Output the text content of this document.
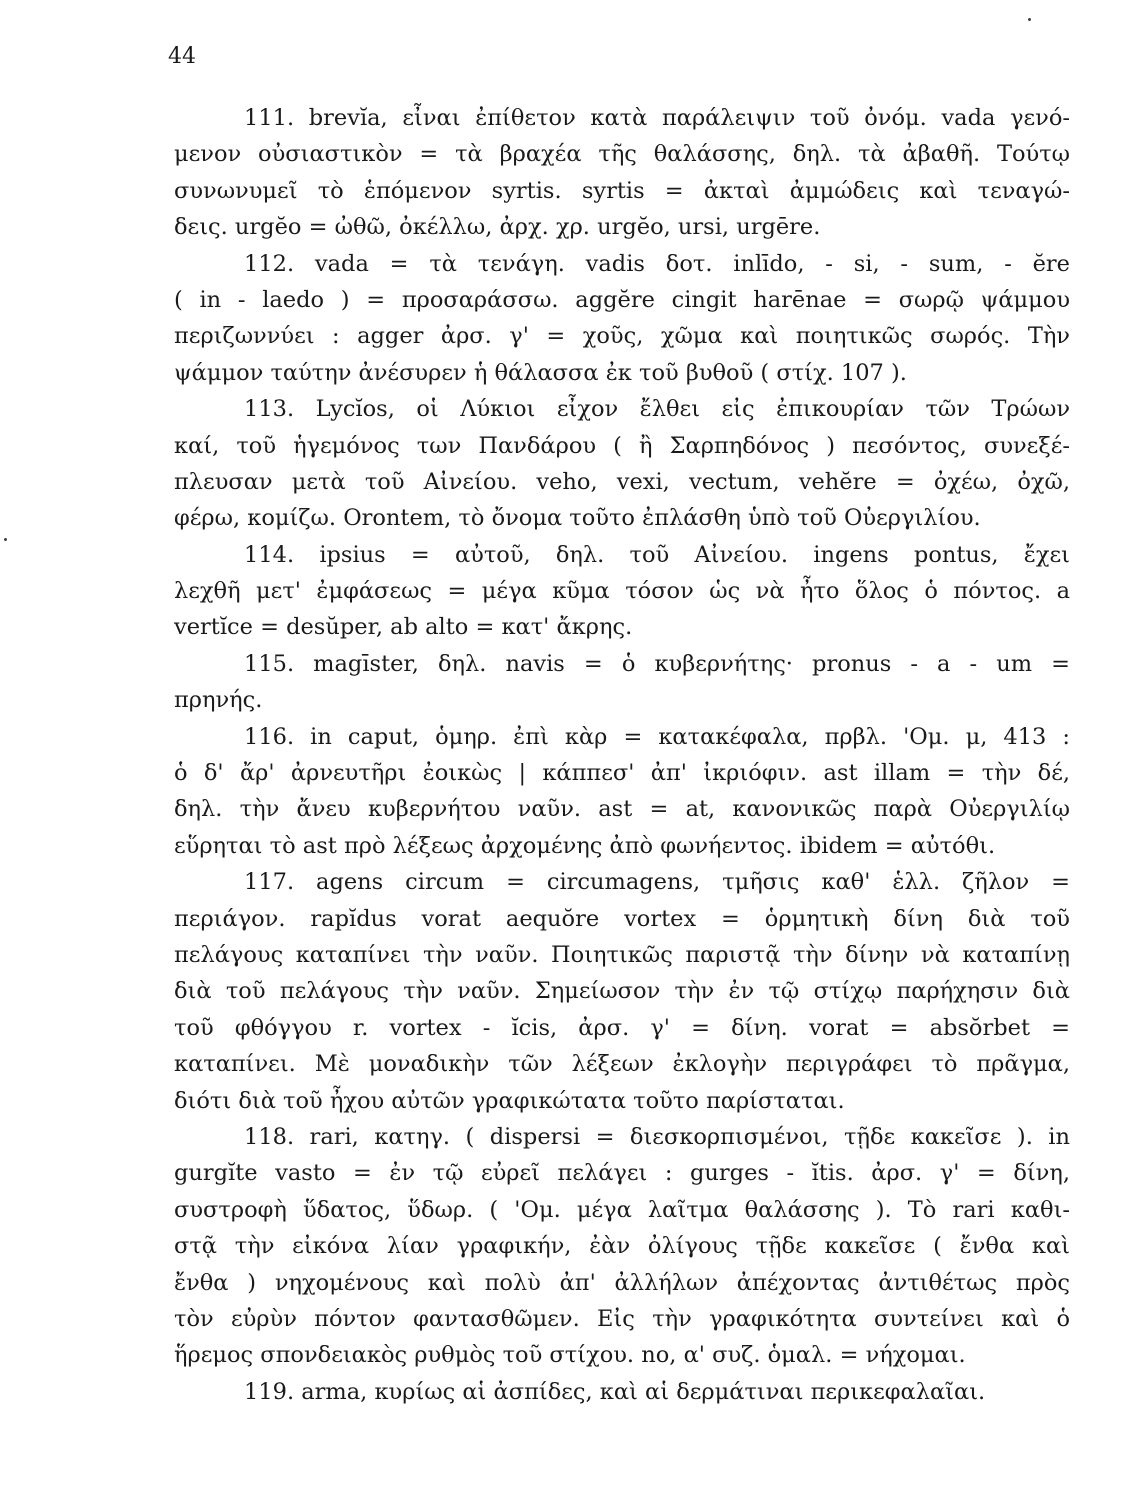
44
111. brevĭa, εἶναι ἐπίθετον κατὰ παράλειψιν τοῦ ὀνόμ. vada γενό-
μενον οὐσιαστικὸν = τὰ βραχέα τῆς θαλάσσης, δηλ. τὰ ἀβαθῆ. Τούτῳ
συνωνυμεῖ τὸ ἑπόμενον syrtis. syrtis = ἀκταὶ ἀμμώδεις καὶ τεναγώ-
δεις. urgĕo = ὠθῶ, ὀκέλλω, ἀρχ. χρ. urgĕo, ursi, urgēre.
112. vada = τὰ τενάγη. vadis δοτ. inlīdo, - si, - sum, - ĕre
( in - laedo ) = προσαράσσω. aggĕre cingit harēnae = σωρῷ ψάμμου
περιζωννύει : agger ἀρσ. γ' = χοῦς, χῶμα καὶ ποιητικῶς σωρός. Τὴν
ψάμμον ταύτην ἀνέσυρεν ἡ θάλασσα ἐκ τοῦ βυθοῦ ( στίχ. 107 ).
113. Lycĭos, οἱ Λύκιοι εἶχον ἔλθει εἰς ἐπικουρίαν τῶν Τρώων
καί, τοῦ ἡγεμόνος των Πανδάρου ( ἢ Σαρπηδόνος ) πεσόντος, συνεξέ-
πλευσαν μετὰ τοῦ Αἰνείου. veho, vexi, vectum, vehĕre = ὀχέω, ὀχῶ,
φέρω, κομίζω. Orontem, τὸ ὄνομα τοῦτο ἐπλάσθη ὑπὸ τοῦ Οὐεργιλίου.
114. ipsius = αὐτοῦ, δηλ. τοῦ Αἰνείου. ingens pontus, ἔχει
λεχθῆ μετ' ἐμφάσεως = μέγα κῦμα τόσον ὡς νὰ ἦτο ὅλος ὁ πόντος. a
vertĭce = desŭper, ab alto = κατ' ἄκρης.
115. magīster, δηλ. navis = ὁ κυβερνήτης· pronus - a - um =
πρηνής.
116. in caput, ὁμηρ. ἐπὶ κὰρ = κατακέφαλα, πρβλ. 'Ομ. μ, 413 :
ὁ δ' ἄρ' ἀρνευτῆρι ἐοικὼς | κάππεσ' ἀπ' ἰκριόφιν. ast illam = τὴν δέ,
δηλ. τὴν ἄνευ κυβερνήτου ναῦν. ast = at, κανονικῶς παρὰ Οὐεργιλίῳ
εὕρηται τὸ ast πρὸ λέξεως ἀρχομένης ἀπὸ φωνήεντος. ibidem = αὐτόθι.
117. agens circum = circumagens, τμῆσις καθ' ἑλλ. ζῆλον =
περιάγον. rapĭdus vorat aequŏre vortex = ὁρμητικὴ δίνη διὰ τοῦ
πελάγους καταπίνει τὴν ναῦν. Ποιητικῶς παριστᾷ τὴν δίνην νὰ καταπίνῃ
διὰ τοῦ πελάγους τὴν ναῦν. Σημείωσον τὴν ἐν τῷ στίχῳ παρήχησιν διὰ
τοῦ φθόγγου r. vortex - ĭcis, ἀρσ. γ' = δίνη. vorat = absŏrbet =
καταπίνει. Μὲ μοναδικὴν τῶν λέξεων ἐκλογὴν περιγράφει τὸ πρᾶγμα,
διότι διὰ τοῦ ἦχου αὐτῶν γραφικώτατα τοῦτο παρίσταται.
118. rari, κατηγ. ( dispersi = διεσκορπισμένοι, τῇδε κακεῖσε ). in
gurgĭte vasto = ἐν τῷ εὐρεῖ πελάγει : gurges - ĭtis. ἀρσ. γ' = δίνη,
συστροφὴ ὕδατος, ὕδωρ. ( 'Ομ. μέγα λαῖτμα θαλάσσης ). Τὸ rari καθι-
στᾷ τὴν εἰκόνα λίαν γραφικήν, ἐὰν ὀλίγους τῇδε κακεῖσε ( ἔνθα καὶ
ἔνθα ) νηχομένους καὶ πολὺ ἀπ' ἀλλήλων ἀπέχοντας ἀντιθέτως πρὸς
τὸν εὐρὺν πόντον φαντασθῶμεν. Εἰς τὴν γραφικότητα συντείνει καὶ ὁ
ἥρεμος σπονδειακὸς ρυθμὸς τοῦ στίχου. no, α' συζ. ὁμαλ. = νήχομαι.
119. arma, κυρίως αἱ ἀσπίδες, καὶ αἱ δερμάτιναι περικεφαλαῖαι.
